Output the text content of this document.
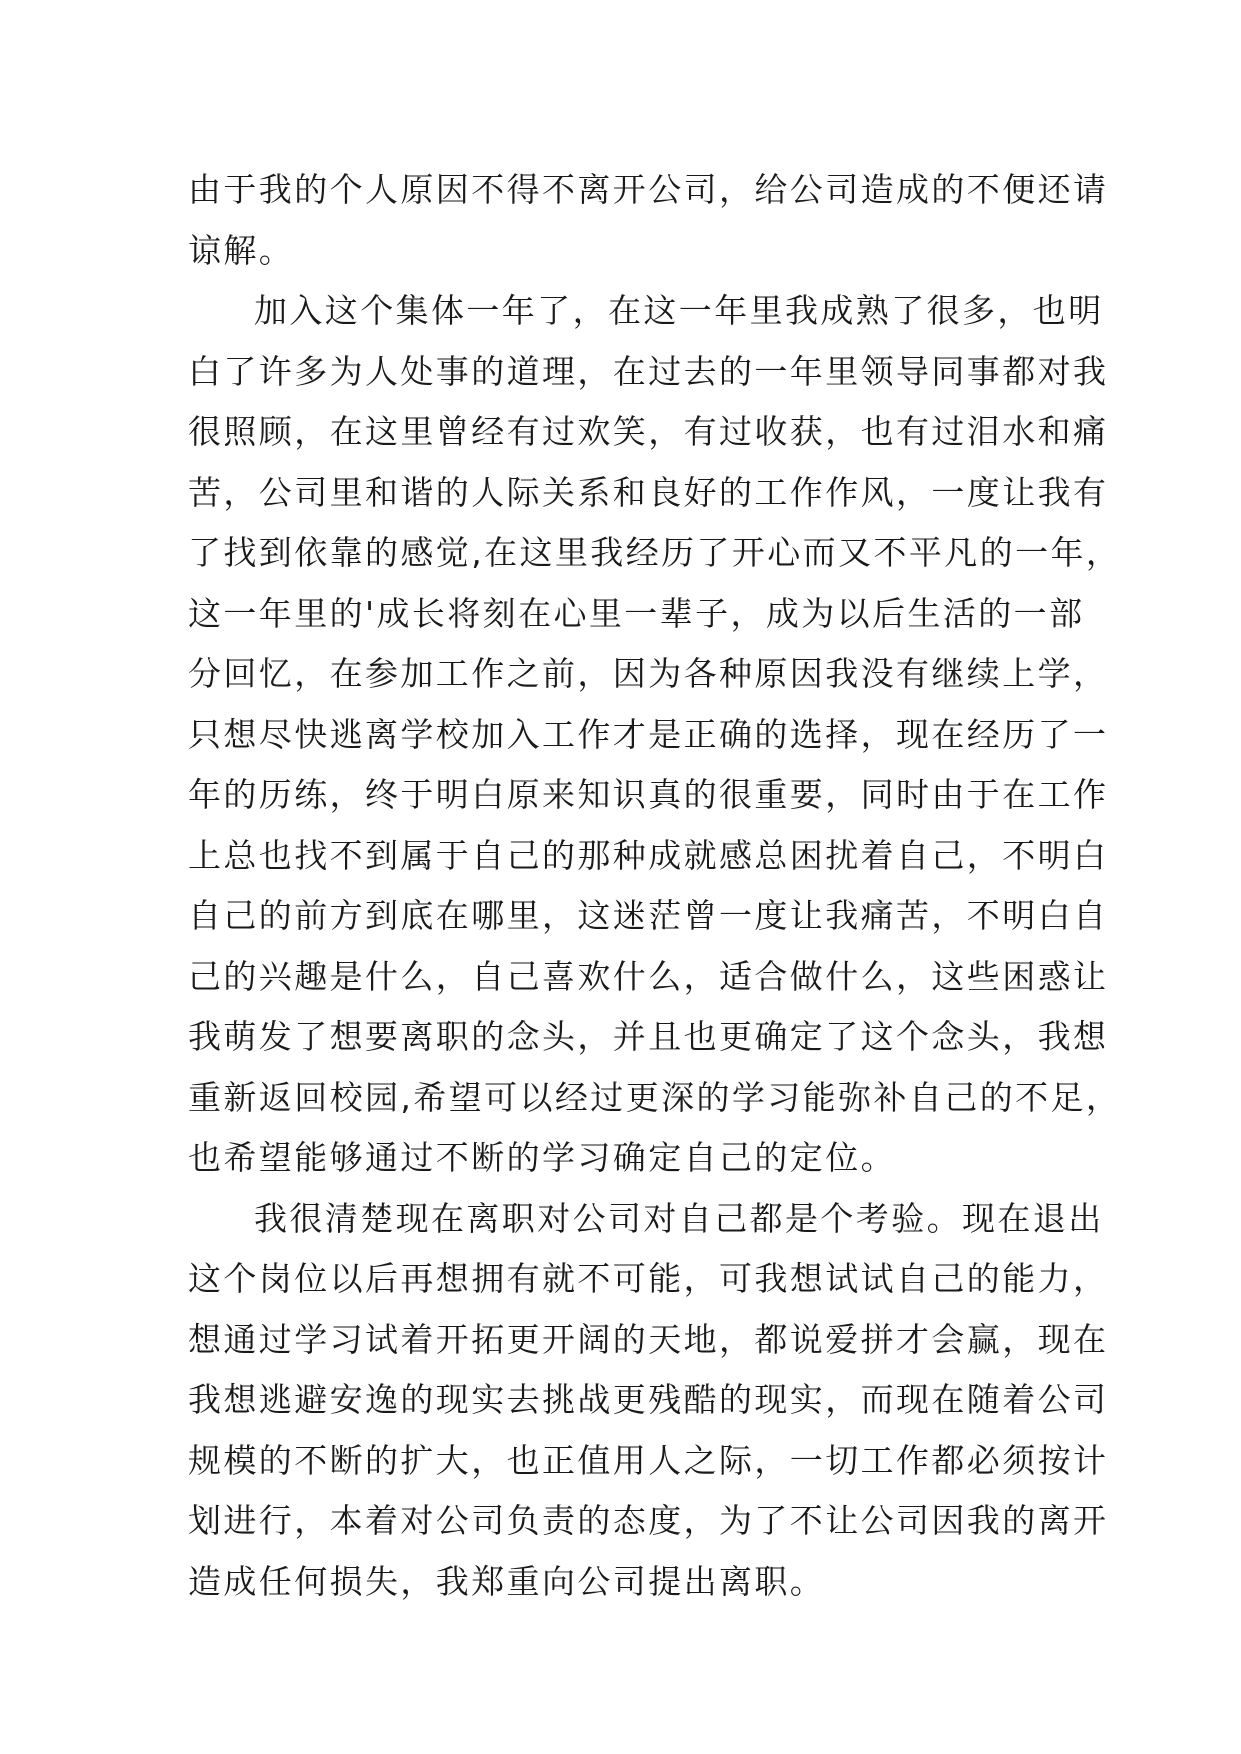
由于我的个人原因不得不离开公司，给公司造成的不便还请
谅解。
加入这个集体一年了，在这一年里我成熟了很多，也明
白了许多为人处事的道理，在过去的一年里领导同事都对我
很照顾，在这里曾经有过欢笑，有过收获，也有过泪水和痛
苦，公司里和谐的人际关系和良好的工作作风，一度让我有
了找到依靠的感觉,在这里我经历了开心而又不平凡的一年，
这一年里的'成长将刻在心里一辈子，成为以后生活的一部
分回忆，在参加工作之前，因为各种原因我没有继续上学，
只想尽快逃离学校加入工作才是正确的选择，现在经历了一
年的历练，终于明白原来知识真的很重要，同时由于在工作
上总也找不到属于自己的那种成就感总困扰着自己，不明白
自己的前方到底在哪里，这迷茫曾一度让我痛苦，不明白自
己的兴趣是什么，自己喜欢什么，适合做什么，这些困惑让
我萌发了想要离职的念头，并且也更确定了这个念头，我想
重新返回校园,希望可以经过更深的学习能弥补自己的不足，
也希望能够通过不断的学习确定自己的定位。
我很清楚现在离职对公司对自己都是个考验。现在退出
这个岗位以后再想拥有就不可能，可我想试试自己的能力，
想通过学习试着开拓更开阔的天地，都说爱拼才会赢，现在
我想逃避安逸的现实去挑战更残酷的现实，而现在随着公司
规模的不断的扩大，也正值用人之际，一切工作都必须按计
划进行，本着对公司负责的态度，为了不让公司因我的离开
造成任何损失，我郑重向公司提出离职。
